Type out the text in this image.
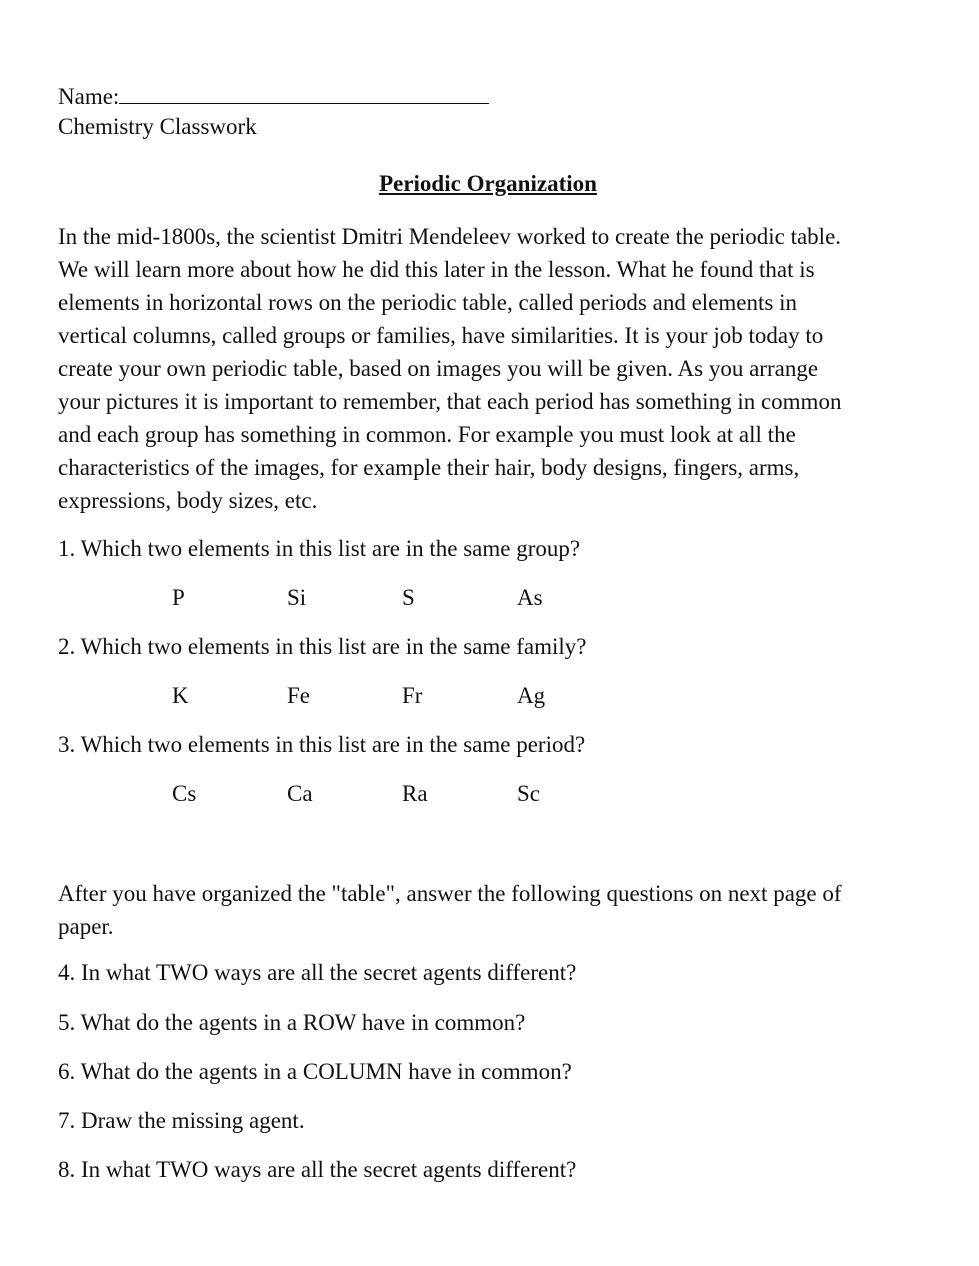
Name:
Chemistry Classwork
Periodic Organization
In the mid-1800s, the scientist Dmitri Mendeleev worked to create the periodic table.
We will learn more about how he did this later in the lesson. What he found that is
elements in horizontal rows on the periodic table, called periods and elements in
vertical columns, called groups or families, have similarities. It is your job today to
create your own periodic table, based on images you will be given. As you arrange
your pictures it is important to remember, that each period has something in common
and each group has something in common. For example you must look at all the
characteristics of the images, for example their hair, body designs, fingers, arms,
expressions, body sizes, etc.
1. Which two elements in this list are in the same group?
P	Si	S	As
2. Which two elements in this list are in the same family?
K	Fe	Fr	Ag
3. Which two elements in this list are in the same period?
Cs	Ca	Ra	Sc
After you have organized the "table", answer the following questions on next page of
paper.
4. In what TWO ways are all the secret agents different?
5. What do the agents in a ROW have in common?
6. What do the agents in a COLUMN have in common?
7. Draw the missing agent.
8. In what TWO ways are all the secret agents different?
